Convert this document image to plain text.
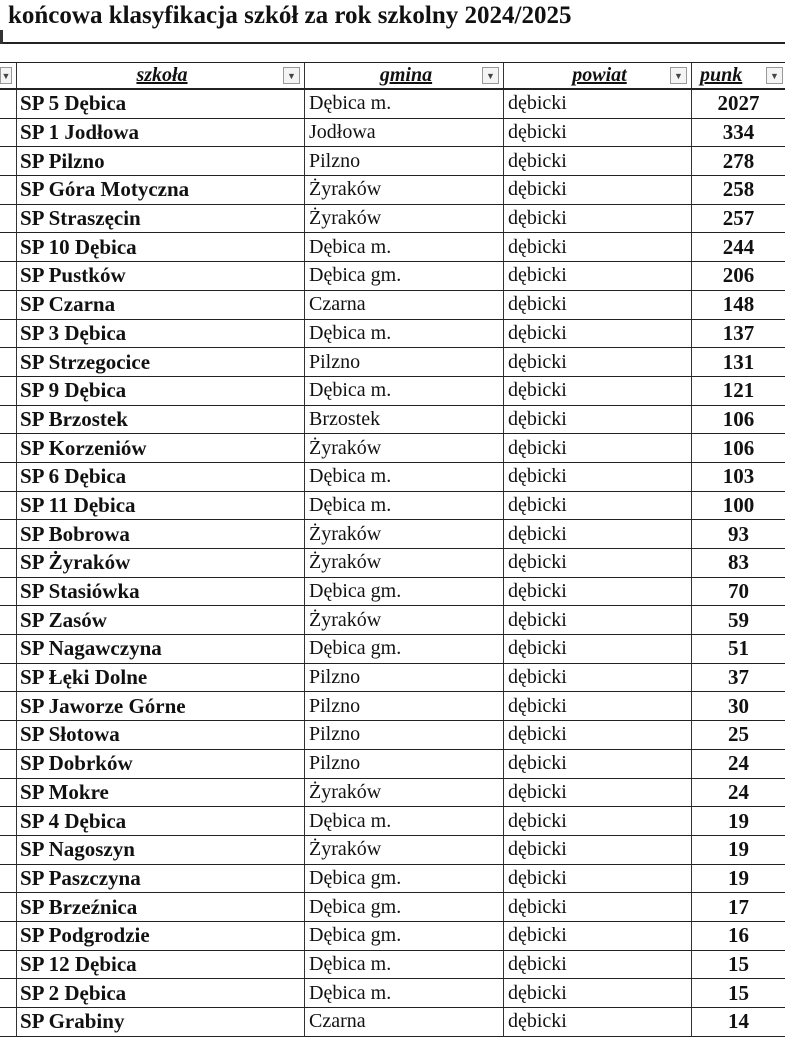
końcowa klasyfikacja szkół za rok szkolny 2024/2025
▼	szkoła	▼	gmina	▼	powiat	▼ punk	▼
SP 5 Dębica	Dębica m.	dębicki	2027
SP 1 Jodłowa	Jodłowa	dębicki	334
SP Pilzno	Pilzno	dębicki	278
SP Góra Motyczna	Żyraków	dębicki	258
SP Straszęcin	Żyraków	dębicki	257
SP 10 Dębica	Dębica m.	dębicki	244
SP Pustków	Dębica gm.	dębicki	206
SP Czarna	Czarna	dębicki	148
SP 3 Dębica	Dębica m.	dębicki	137
SP Strzegocice	Pilzno	dębicki	131
SP 9 Dębica	Dębica m.	dębicki	121
SP Brzostek	Brzostek	dębicki	106
SP Korzeniów	Żyraków	dębicki	106
SP 6 Dębica	Dębica m.	dębicki	103
SP 11 Dębica	Dębica m.	dębicki	100
SP Bobrowa	Żyraków	dębicki	93
SP Żyraków	Żyraków	dębicki	83
SP Stasiówka	Dębica gm.	dębicki	70
SP Zasów	Żyraków	dębicki	59
SP Nagawczyna	Dębica gm.	dębicki	51
SP Łęki Dolne	Pilzno	dębicki	37
SP Jaworze Górne	Pilzno	dębicki	30
SP Słotowa	Pilzno	dębicki	25
SP Dobrków	Pilzno	dębicki	24
SP Mokre	Żyraków	dębicki	24
SP 4 Dębica	Dębica m.	dębicki	19
SP Nagoszyn	Żyraków	dębicki	19
SP Paszczyna	Dębica gm.	dębicki	19
SP Brzeźnica	Dębica gm.	dębicki	17
SP Podgrodzie	Dębica gm.	dębicki	16
SP 12 Dębica	Dębica m.	dębicki	15
SP 2 Dębica	Dębica m.	dębicki	15
SP Grabiny	Czarna	dębicki	14
